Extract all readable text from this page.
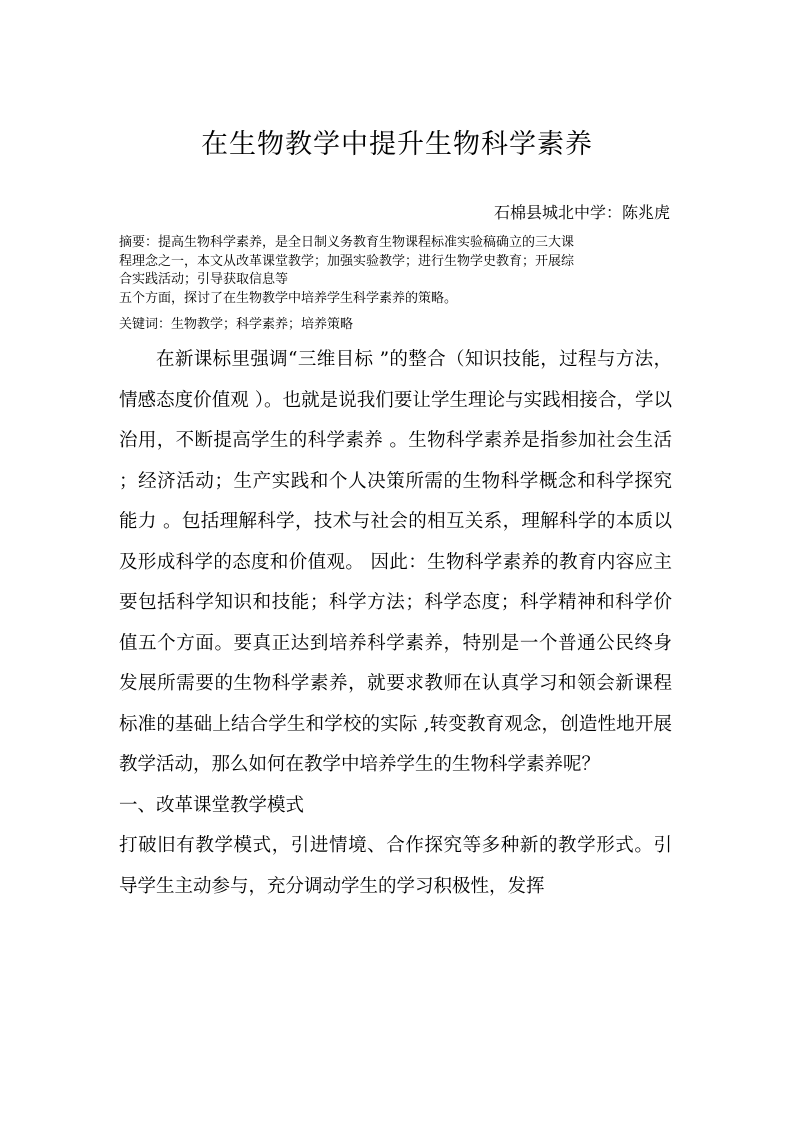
在生物教学中提升生物科学素养
石棉县城北中学：陈兆虎

摘要：提高生物科学素养，是全日制义务教育生物课程标准实验稿确立的三大课

程理念之一，本文从改革课堂教学；加强实验教学；进行生物学史教育；开展综

合实践活动；引导获取信息等

五个方面，探讨了在生物教学中培养学生科学素养的策略。

关键词：生物教学；科学素养；培养策略

在新课标里强调“三维目标 ”的整合（知识技能，过程与方法，情感态度价值观 ）。也就是说我们要让学生理论与实践相接合，学以治用，不断提高学生的科学素养 。生物科学素养是指参加社会生活 ；经济活动；生产实践和个人决策所需的生物科学概念和科学探究能力 。包括理解科学，技术与社会的相互关系，理解科学的本质以及形成科学的态度和价值观。 因此：生物科学素养的教育内容应主要包括科学知识和技能；科学方法；科学态度；科学精神和科学价值五个方面。要真正达到培养科学素养，特别是一个普通公民终身发展所需要的生物科学素养，就要求教师在认真学习和领会新课程标准的基础上结合学生和学校的实际 ,转变教育观念，创造性地开展教学活动，那么如何在教学中培养学生的生物科学素养呢？

一、改革课堂教学模式

打破旧有教学模式，引进情境、合作探究等多种新的教学形式。引导学生主动参与，充分调动学生的学习积极性，发挥
